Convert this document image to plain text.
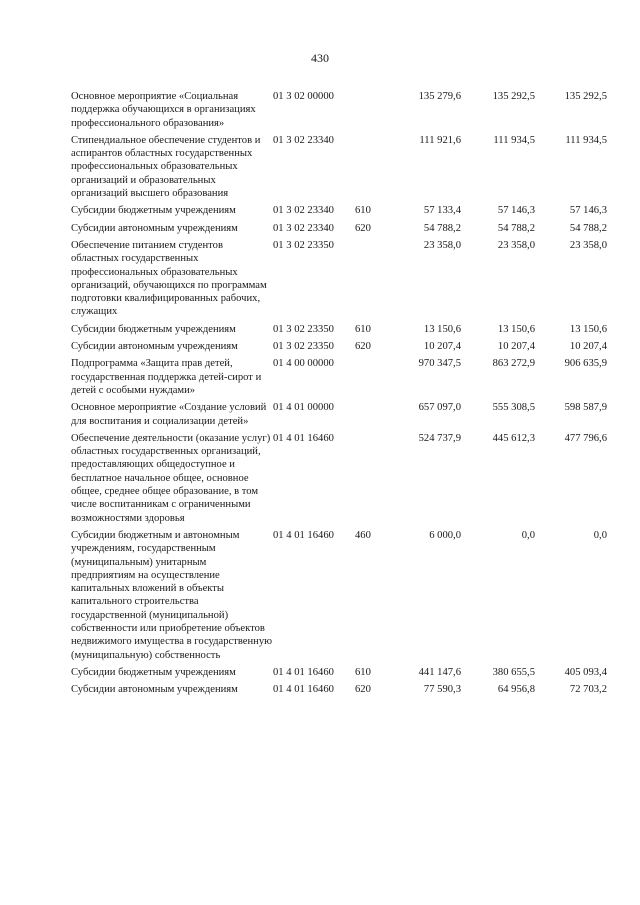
430
Основное мероприятие «Социальная поддержка обучающихся в организациях профессионального образования»	01 3 02 00000		135 279,6	135 292,5	135 292,5
Стипендиальное обеспечение студентов и аспирантов областных государственных профессиональных образовательных организаций и образовательных организаций высшего образования	01 3 02 23340		111 921,6	111 934,5	111 934,5
Субсидии бюджетным учреждениям	01 3 02 23340	610	57 133,4	57 146,3	57 146,3
Субсидии автономным учреждениям	01 3 02 23340	620	54 788,2	54 788,2	54 788,2
Обеспечение питанием студентов областных государственных профессиональных образовательных организаций, обучающихся по программам подготовки квалифицированных рабочих, служащих	01 3 02 23350		23 358,0	23 358,0	23 358,0
Субсидии бюджетным учреждениям	01 3 02 23350	610	13 150,6	13 150,6	13 150,6
Субсидии автономным учреждениям	01 3 02 23350	620	10 207,4	10 207,4	10 207,4
Подпрограмма «Защита прав детей, государственная поддержка детей-сирот и детей с особыми нуждами»	01 4 00 00000		970 347,5	863 272,9	906 635,9
Основное мероприятие «Создание условий для воспитания и социализации детей»	01 4 01 00000		657 097,0	555 308,5	598 587,9
Обеспечение деятельности (оказание услуг) областных государственных организаций, предоставляющих общедоступное и бесплатное начальное общее, основное общее, среднее общее образование, в том числе воспитанникам с ограниченными возможностями здоровья	01 4 01 16460		524 737,9	445 612,3	477 796,6
Субсидии бюджетным и автономным учреждениям, государственным (муниципальным) унитарным предприятиям на осуществление капитальных вложений в объекты капитального строительства государственной (муниципальной) собственности или приобретение объектов недвижимого имущества в государственную (муниципальную) собственность	01 4 01 16460	460	6 000,0	0,0	0,0
Субсидии бюджетным учреждениям	01 4 01 16460	610	441 147,6	380 655,5	405 093,4
Субсидии автономным учреждениям	01 4 01 16460	620	77 590,3	64 956,8	72 703,2
